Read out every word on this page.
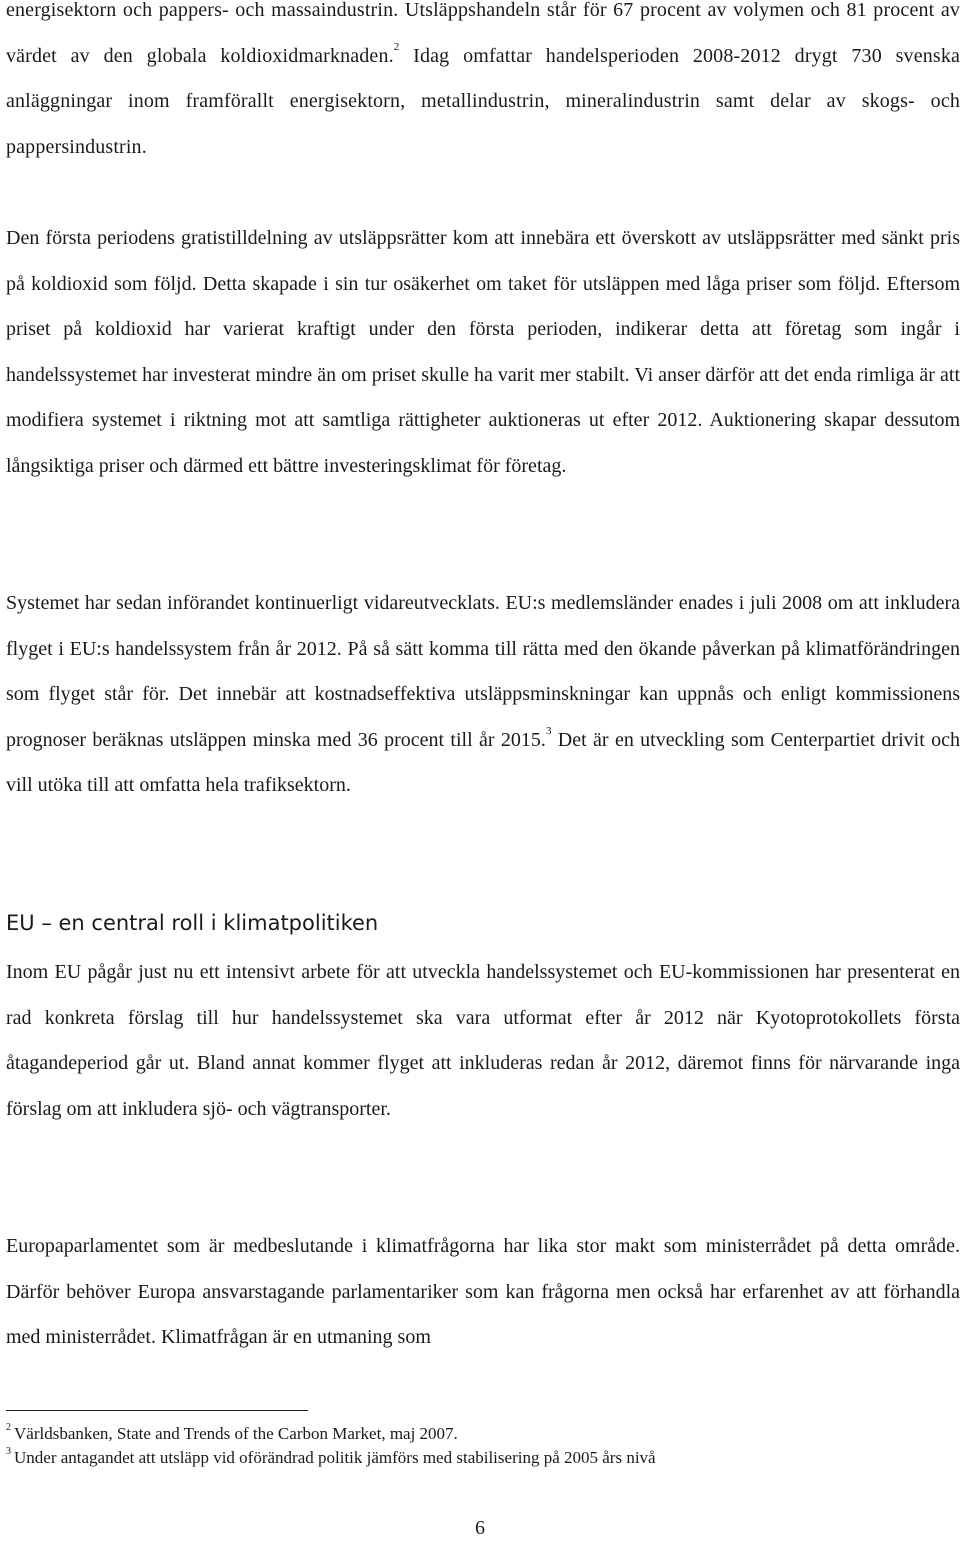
energisektorn och pappers- och massaindustrin. Utsläppshandeln står för 67 procent av volymen och 81 procent av värdet av den globala koldioxidmarknaden.$^2$ Idag omfattar handelsperioden 2008-2012 drygt 730 svenska anläggningar inom framförallt energisektorn, metallindustrin, mineralindustrin samt delar av skogs- och pappersindustrin.

Den första periodens gratistilldelning av utsläppsrätter kom att innebära ett överskott av utsläppsrätter med sänkt pris på koldioxid som följd. Detta skapade i sin tur osäkerhet om taket för utsläppen med låga priser som följd. Eftersom priset på koldioxid har varierat kraftigt under den första perioden, indikerar detta att företag som ingår i handelssystemet har investerat mindre än om priset skulle ha varit mer stabilt. Vi anser därför att det enda rimliga är att modifiera systemet i riktning mot att samtliga rättigheter auktioneras ut efter 2012. Auktionering skapar dessutom långsiktiga priser och därmed ett bättre investeringsklimat för företag.

Systemet har sedan införandet kontinuerligt vidareutvecklats. EU:s medlemsländer enades i juli 2008 om att inkludera flyget i EU:s handelssystem från år 2012. På så sätt komma till rätta med den ökande påverkan på klimatförändringen som flyget står för. Det innebär att kostnadseffektiva utsläppsminskningar kan uppnås och enligt kommissionens prognoser beräknas utsläppen minska med 36 procent till år 2015.$^3$ Det är en utveckling som Centerpartiet drivit och vill utöka till att omfatta hela trafiksektorn.

EU – en central roll i klimatpolitiken

Inom EU pågår just nu ett intensivt arbete för att utveckla handelssystemet och EU-kommissionen har presenterat en rad konkreta förslag till hur handelssystemet ska vara utformat efter år 2012 när Kyotoprotokollets första åtagandeperiod går ut. Bland annat kommer flyget att inkluderas redan år 2012, däremot finns för närvarande inga förslag om att inkludera sjö- och vägtransporter.

Europaparlamentet som är medbeslutande i klimatfrågorna har lika stor makt som ministerrådet på detta område. Därför behöver Europa ansvarstagande parlamentariker som kan frågorna men också har erfarenhet av att förhandla med ministerrådet. Klimatfrågan är en utmaning som

$^2$ Världsbanken, State and Trends of the Carbon Market, maj 2007.

$^3$ Under antagandet att utsläpp vid oförändrad politik jämförs med stabilisering på 2005 års nivå

6
